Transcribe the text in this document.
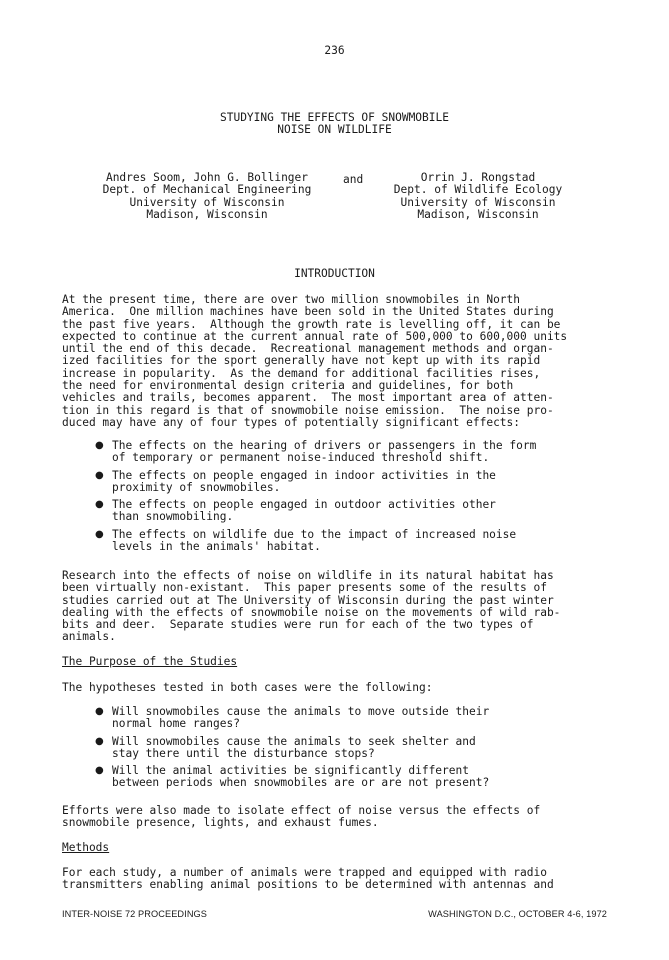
236
STUDYING THE EFFECTS OF SNOWMOBILE
NOISE ON WILDLIFE
Andres Soom, John G. Bollinger
Dept. of Mechanical Engineering
University of Wisconsin
Madison, Wisconsin
and	Orrin J. Rongstad
Dept. of Wildlife Ecology
University of Wisconsin
Madison, Wisconsin
INTRODUCTION
At the present time, there are over two million snowmobiles in North
America.  One million machines have been sold in the United States during
the past five years.  Although the growth rate is levelling off, it can be
expected to continue at the current annual rate of 500,000 to 600,000 units
until the end of this decade.  Recreational management methods and organ-
ized facilities for the sport generally have not kept up with its rapid
increase in popularity.  As the demand for additional facilities rises,
the need for environmental design criteria and guidelines, for both
vehicles and trails, becomes apparent.  The most important area of atten-
tion in this regard is that of snowmobile noise emission.  The noise pro-
duced may have any of four types of potentially significant effects:
● The effects on the hearing of drivers or passengers in the form
of temporary or permanent noise-induced threshold shift.
● The effects on people engaged in indoor activities in the
proximity of snowmobiles.
● The effects on people engaged in outdoor activities other
than snowmobiling.
● The effects on wildlife due to the impact of increased noise
levels in the animals' habitat.
Research into the effects of noise on wildlife in its natural habitat has
been virtually non-existant.  This paper presents some of the results of
studies carried out at The University of Wisconsin during the past winter
dealing with the effects of snowmobile noise on the movements of wild rab-
bits and deer.  Separate studies were run for each of the two types of
animals.
The Purpose of the Studies
The hypotheses tested in both cases were the following:
● Will snowmobiles cause the animals to move outside their
normal home ranges?
● Will snowmobiles cause the animals to seek shelter and
stay there until the disturbance stops?
● Will the animal activities be significantly different
between periods when snowmobiles are or are not present?
Efforts were also made to isolate effect of noise versus the effects of
snowmobile presence, lights, and exhaust fumes.
Methods
For each study, a number of animals were trapped and equipped with radio
transmitters enabling animal positions to be determined with antennas and
INTER-NOISE 72 PROCEEDINGS	WASHINGTON D.C., OCTOBER 4-6, 1972
